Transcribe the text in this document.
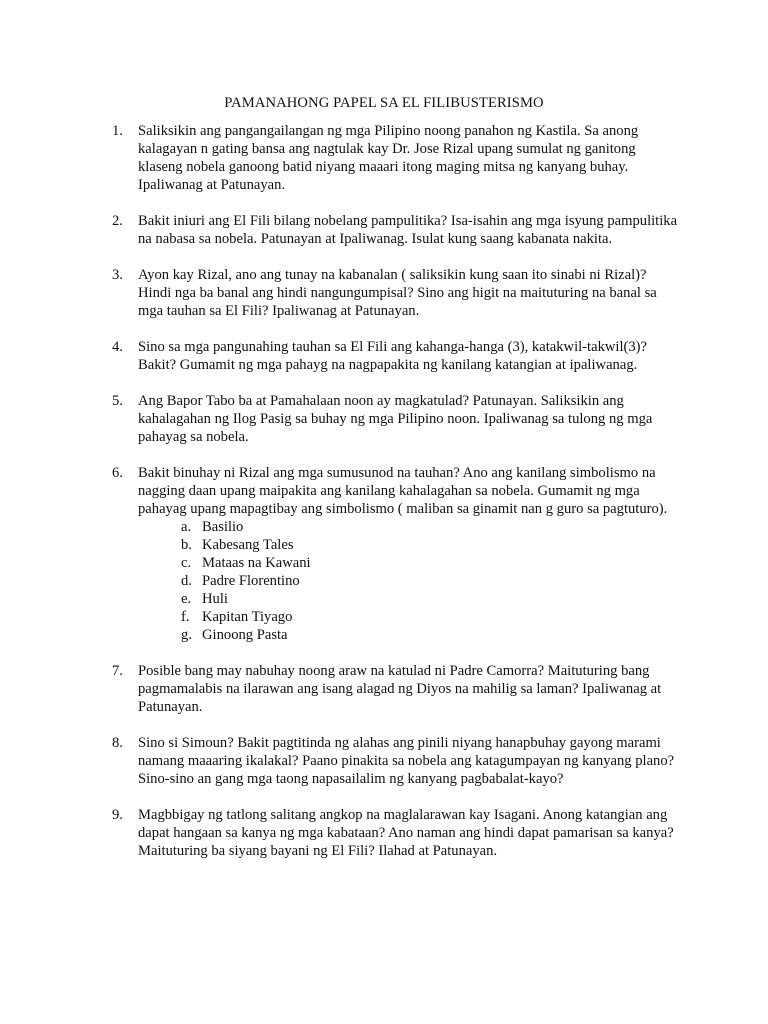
PAMANAHONG PAPEL SA EL FILIBUSTERISMO
1. Saliksikin ang pangangailangan ng mga Pilipino noong panahon ng Kastila. Sa anong kalagayan n gating bansa ang nagtulak kay Dr. Jose Rizal upang sumulat ng ganitong klaseng nobela ganoong batid niyang maaari itong maging mitsa ng kanyang buhay. Ipaliwanag at Patunayan.
2. Bakit iniuri ang El Fili bilang nobelang pampulitika? Isa-isahin ang mga isyung pampulitika na nabasa sa nobela. Patunayan at Ipaliwanag. Isulat kung saang kabanata nakita.
3. Ayon kay Rizal, ano ang tunay na kabanalan ( saliksikin kung saan ito sinabi ni Rizal)? Hindi nga ba banal ang hindi nangungumpisal? Sino ang higit na maituturing na banal sa mga tauhan sa El Fili? Ipaliwanag at Patunayan.
4. Sino sa mga pangunahing tauhan sa El Fili ang kahanga-hanga (3), katakwil-takwil(3)? Bakit? Gumamit ng mga pahayg na nagpapakita ng kanilang katangian at ipaliwanag.
5. Ang Bapor Tabo ba at Pamahalaan noon ay magkatulad? Patunayan. Saliksikin ang kahalagahan ng Ilog Pasig sa buhay ng mga Pilipino noon. Ipaliwanag sa tulong ng mga pahayag sa nobela.
6. Bakit binuhay ni Rizal ang mga sumusunod na tauhan? Ano ang kanilang simbolismo na nagging daan upang maipakita ang kanilang kahalagahan sa nobela. Gumamit ng mga pahayag upang mapagtibay ang simbolismo ( maliban sa ginamit nan g guro sa pagtuturo).
a. Basilio
b. Kabesang Tales
c. Mataas na Kawani
d. Padre Florentino
e. Huli
f. Kapitan Tiyago
g. Ginoong Pasta
7. Posible bang may nabuhay noong araw na katulad ni Padre Camorra? Maituturing bang pagmamalabis na ilarawan ang isang alagad ng Diyos na mahilig sa laman? Ipaliwanag at Patunayan.
8. Sino si Simoun? Bakit pagtitinda ng alahas ang pinili niyang hanapbuhay gayong marami namang maaaring ikalakal? Paano pinakita sa nobela ang katagumpayan ng kanyang plano? Sino-sino an gang mga taong napasailalim ng kanyang pagbabalat-kayo?
9. Magbbigay ng tatlong salitang angkop na maglalarawan kay Isagani. Anong katangian ang dapat hangaan sa kanya ng mga kabataan? Ano naman ang hindi dapat pamarisan sa kanya? Maituturing ba siyang bayani ng El Fili? Ilahad at Patunayan.
